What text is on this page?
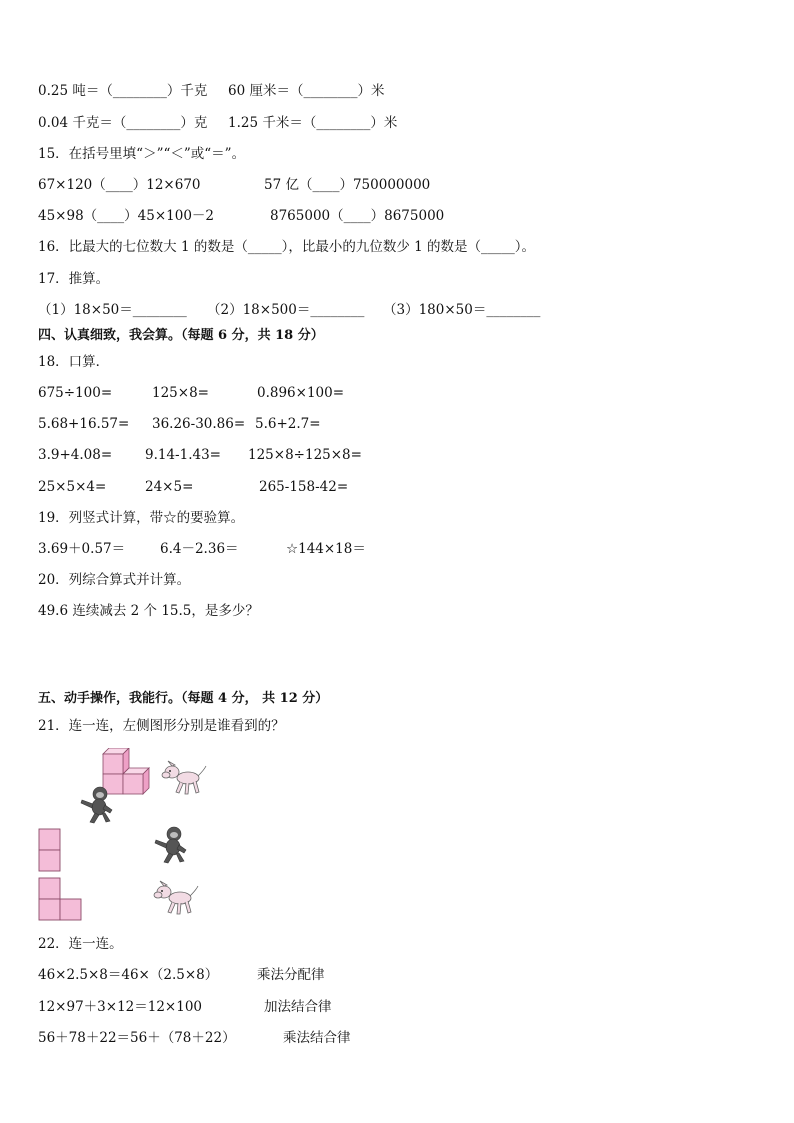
0.25 吨＝（________）千克 60 厘米＝（________）米
0.04 千克＝（________）克 1.25 千米＝（________）米
15．在括号里填“＞”“＜”或“＝”。
67×120（____）12×670	57 亿（____）750000000
45×98（____）45×100－2	8765000（____）8675000
16．比最大的七位数大 1 的数是（_____），比最小的九位数少 1 的数是（_____）。
17．推算。
（1）18×50＝________ （2）18×500＝________ （3）180×50＝________
四、认真细致，我会算。（每题 6 分，共 18 分）
18．口算．
675÷100=	125×8=	0.896×100=
5.68+16.57= 36.26-30.86= 5.6+2.7=
3.9+4.08= 9.14-1.43= 125×8÷125×8=
25×5×4=	24×5=	265-158-42=
19．列竖式计算，带☆的要验算。
3.69＋0.57＝	6.4－2.36＝	☆144×18＝
20．列综合算式并计算。
49.6 连续减去 2 个 15.5，是多少？
五、动手操作，我能行。（每题 4 分， 共 12 分）
21．连一连，左侧图形分别是谁看到的？
22．连一连。
46×2.5×8＝46×（2.5×8）	乘法分配律
12×97＋3×12＝12×100	加法结合律
56＋78＋22＝56＋（78＋22）	乘法结合律
